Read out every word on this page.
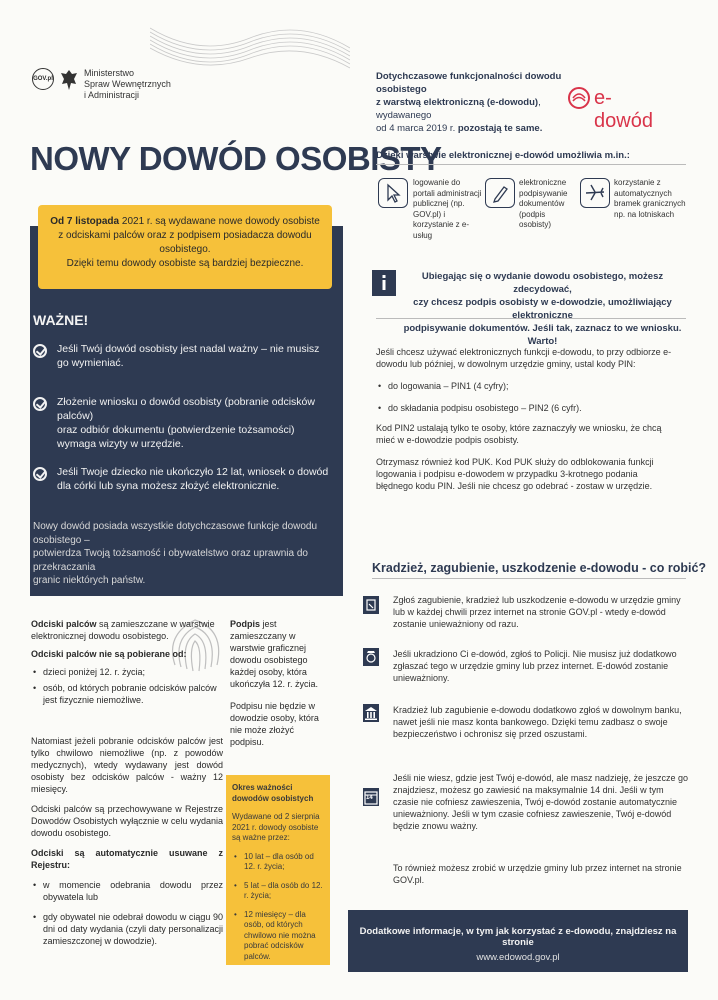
GOV.pl
Ministerstwo
Spraw Wewnętrznych
i Administracji
NOWY DOWÓD OSOBISTY
Od 7 listopada 2021 r. są wydawane nowe dowody osobiste
z odciskami palców oraz z podpisem posiadacza dowodu osobistego.
Dzięki temu dowody osobiste są bardziej bezpieczne.
WAŻNE!
Jeśli Twój dowód osobisty jest nadal ważny – nie musisz
go wymieniać.
Złożenie wniosku o dowód osobisty (pobranie odcisków palców)
oraz odbiór dokumentu (potwierdzenie tożsamości)
wymaga wizyty w urzędzie.
Jeśli Twoje dziecko nie ukończyło 12 lat, wniosek o dowód
dla córki lub syna możesz złożyć elektronicznie.
Nowy dowód posiada wszystkie dotychczasowe funkcje dowodu osobistego –
potwierdza Twoją tożsamość i obywatelstwo oraz uprawnia do przekraczania
granic niektórych państw.
Odciski palców są zamieszczane w warstwie elektronicznej dowodu osobistego.
Odciski palców nie są pobierane od:
• dzieci poniżej 12. r. życia;
• osób, od których pobranie odcisków palców jest fizycznie niemożliwe.
Natomiast jeżeli pobranie odcisków palców jest tylko chwilowo niemożliwe (np. z powodów medycznych), wtedy wydawany jest dowód osobisty bez odcisków palców - ważny 12 miesięcy.
Odciski palców są przechowywane w Rejestrze Dowodów Osobistych wyłącznie w celu wydania dowodu osobistego.
Odciski są automatycznie usuwane z Rejestru:
• w momencie odebrania dowodu przez obywatela lub
• gdy obywatel nie odebrał dowodu w ciągu 90 dni od daty wydania (czyli daty personalizacji zamieszczonej w dowodzie).
Podpis jest zamieszczany w warstwie graficznej dowodu osobistego każdej osoby, która ukończyła 12. r. życia.
Podpisu nie będzie w dowodzie osoby, która nie może złożyć podpisu.
Okres ważności dowodów osobistych
Wydawane od 2 sierpnia 2021 r. dowody osobiste są ważne przez:
• 10 lat – dla osób od 12. r. życia;
• 5 lat – dla osób do 12. r. życia;
• 12 miesięcy – dla osób, od których chwilowo nie można pobrać odcisków palców.
Dotychczasowe funkcjonalności dowodu osobistego
z warstwą elektroniczną (e-dowodu), wydawanego
od 4 marca 2019 r. pozostają te same.
e-dowód
Dzięki warstwie elektronicznej e-dowód umożliwia m.in.:
logowanie do portali administracji publicznej (np. GOV.pl) i korzystanie z e-usług
elektroniczne podpisywanie dokumentów (podpis osobisty)
korzystanie z automatycznych bramek granicznych np. na lotniskach
Ubiegając się o wydanie dowodu osobistego, możesz zdecydować,
czy chcesz podpis osobisty w e-dowodzie, umożliwiający elektroniczne
podpisywanie dokumentów. Jeśli tak, zaznacz to we wniosku. Warto!
Jeśli chcesz używać elektronicznych funkcji e-dowodu, to przy odbiorze e-dowodu lub później, w dowolnym urzędzie gminy, ustal kody PIN:
• do logowania – PIN1 (4 cyfry);
• do składania podpisu osobistego – PIN2 (6 cyfr).
Kod PIN2 ustalają tylko te osoby, które zaznaczyły we wniosku, że chcą mieć w e-dowodzie podpis osobisty.
Otrzymasz również kod PUK. Kod PUK służy do odblokowania funkcji logowania i podpisu e-dowodem w przypadku 3-krotnego podania błędnego kodu PIN. Jeśli nie chcesz go odebrać - zostaw w urzędzie.
Kradzież, zagubienie, uszkodzenie e-dowodu - co robić?
Zgłoś zagubienie, kradzież lub uszkodzenie e-dowodu w urzędzie gminy lub w każdej chwili przez internet na stronie GOV.pl - wtedy e-dowód zostanie unieważniony od razu.
Jeśli ukradziono Ci e-dowód, zgłoś to Policji. Nie musisz już dodatkowo zgłaszać tego w urzędzie gminy lub przez internet. E-dowód zostanie unieważniony.
Kradzież lub zagubienie e-dowodu dodatkowo zgłoś w dowolnym banku, nawet jeśli nie masz konta bankowego. Dzięki temu zadbasz o swoje bezpieczeństwo i ochronisz się przed oszustami.
14
Jeśli nie wiesz, gdzie jest Twój e-dowód, ale masz nadzieję, że jeszcze go znajdziesz, możesz go zawiesić na maksymalnie 14 dni. Jeśli w tym czasie nie cofniesz zawieszenia, Twój e-dowód zostanie automatycznie unieważniony. Jeśli w tym czasie cofniesz zawieszenie, Twój e-dowód będzie znowu ważny.
To również możesz zrobić w urzędzie gminy lub przez internet na stronie GOV.pl.
Dodatkowe informacje, w tym jak korzystać z e-dowodu, znajdziesz na stronie
www.edowod.gov.pl
